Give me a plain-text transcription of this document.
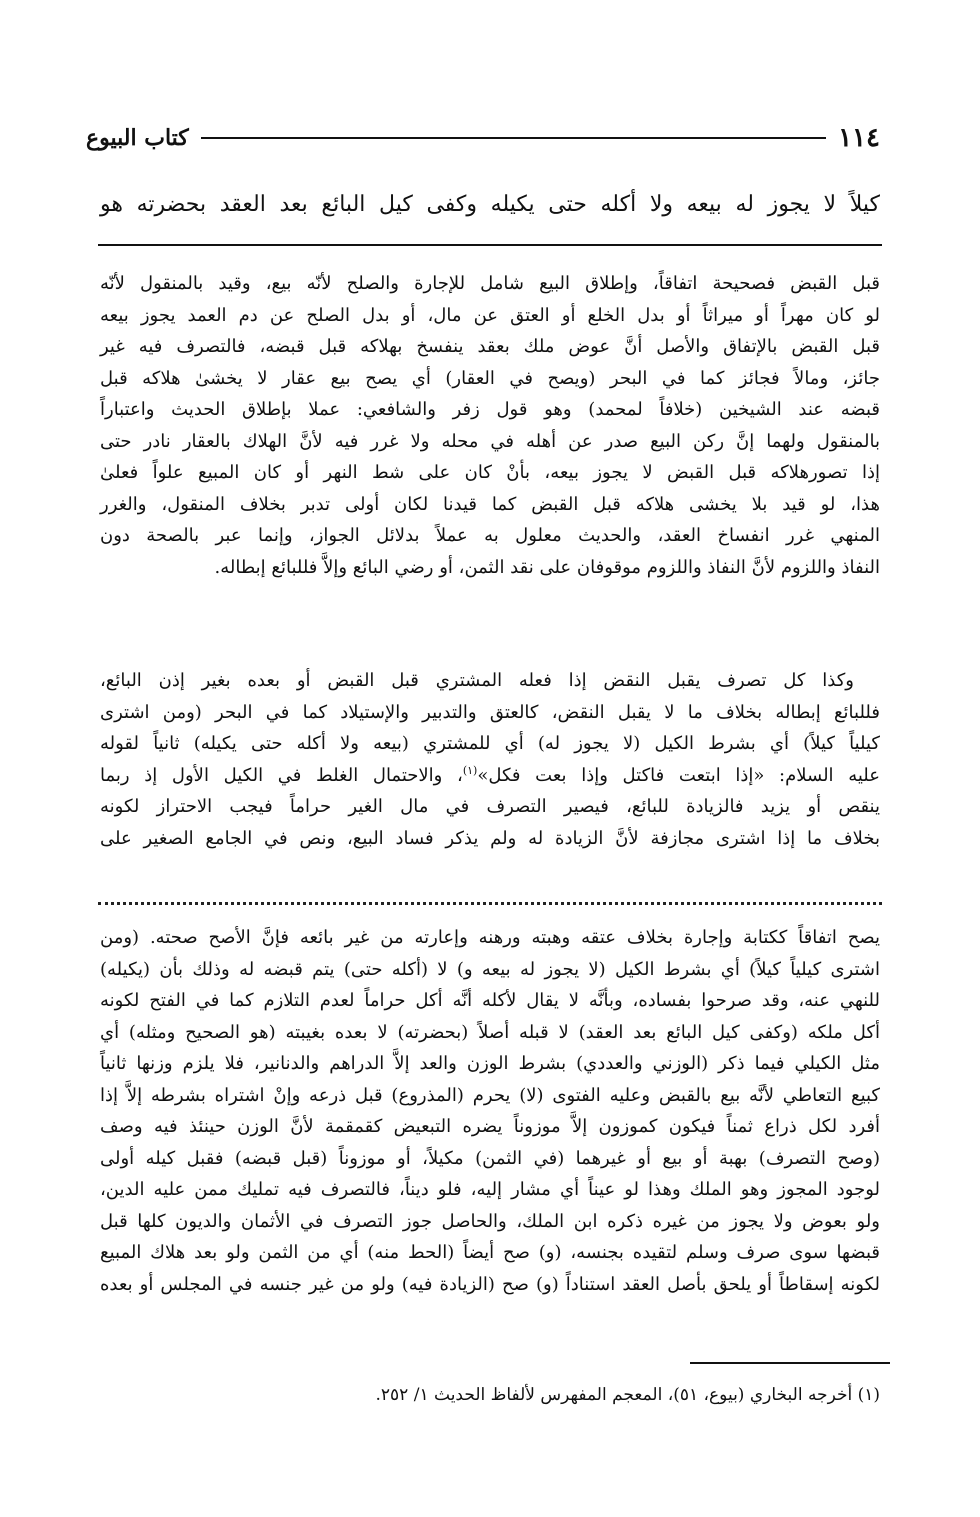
١١٤
كتاب البيوع
كيلاً لا يجوز له بيعه ولا أكله حتى يكيله وكفى كيل البائع بعد العقد بحضرته هو

قبل القبض فصحيحة اتفاقاً، وإطلاق البيع شامل للإجارة والصلح لأنّه بيع، وقيد بالمنقول لأنّه

لو كان مهراً أو ميراثاً أو بدل الخلع أو العتق عن مال، أو بدل الصلح عن دم العمد يجوز بيعه

قبل القبض بالإتفاق والأصل أنَّ عوض ملك بعقد ينفسخ بهلاكه قبل قبضه، فالتصرف فيه غير

جائز، ومالاً فجائز كما في البحر (ويصح في العقار) أي يصح بيع عقار لا يخشىٰ هلاكه قبل

قبضه عند الشيخين (خلافاً لمحمد) وهو قول زفر والشافعي: عملا بإطلاق الحديث واعتباراً

بالمنقول ولهما إنَّ ركن البيع صدر عن أهله في محله ولا غرر فيه لأنَّ الهلاك بالعقار نادر حتى

إذا تصورهلاكه قبل القبض لا يجوز بيعه، بأنْ كان على شط النهر أو كان المبيع علواً فعلىٰ

هذا، لو قيد بلا يخشى هلاكه قبل القبض كما قيدنا لكان أولى تدبر بخلاف المنقول، والغرر

المنهي غرر انفساخ العقد، والحديث معلول به عملاً بدلائل الجواز، وإنما عبر بالصحة دون

النفاذ واللزوم لأنَّ النفاذ واللزوم موقوفان على نقد الثمن، أو رضي البائع وإلاَّ فللبائع إبطاله.

وكذا كل تصرف يقبل النقض إذا فعله المشتري قبل القبض أو بعده بغير إذن البائع،

فللبائع إبطاله بخلاف ما لا يقبل النقض، كالعتق والتدبير والإستيلاد كما في البحر (ومن اشترى

كيلياً كيلاً) أي بشرط الكيل (لا يجوز له) أي للمشتري (بيعه ولا أكله حتى يكيله) ثانياً لقوله

عليه السلام: «إذا ابتعت فاكتل وإذا بعت فكل»$^{(١)}$، والاحتمال الغلط في الكيل الأول إذ ربما

ينقص أو يزيد فالزيادة للبائع، فيصير التصرف في مال الغير حراماً فيجب الاحتراز لكونه

بخلاف ما إذا اشترى مجازفة لأنَّ الزيادة له ولم يذكر فساد البيع، ونص في الجامع الصغير على

يصح اتفاقاً ككتابة وإجارة بخلاف عتقه وهبته ورهنه وإعارته من غير بائعه فإنَّ الأصح صحته. (ومن

اشترى كيلياً كيلاً) أي بشرط الكيل (لا يجوز له بيعه و) لا (أكله حتى) يتم قبضه له وذلك بأن (يكيله)

للنهي عنه، وقد صرحوا بفساده، وبأنَّه لا يقال لأكله أنَّه أكل حراماً لعدم التلازم كما في الفتح لكونه

أكل ملكه (وكفى كيل البائع بعد العقد) لا قبله أصلاً (بحضرته) لا بعده بغيبته (هو الصحيح ومثله) أي

مثل الكيلي فيما ذكر (الوزني والعددي) بشرط الوزن والعد إلاَّ الدراهم والدنانير، فلا يلزم وزنها ثانياً

كبيع التعاطي لأنَّه بيع بالقبض وعليه الفتوى (لا) يحرم (المذروع) قبل ذرعه وإنْ اشتراه بشرطه إلاَّ إذا

أفرد لكل ذراع ثمناً فيكون كموزون إلاَّ موزوناً يضره التبعيض كقمقمة لأنَّ الوزن حينئذ فيه وصف

(وصح التصرف) بهبة أو بيع أو غيرهما (في الثمن) مكيلاً، أو موزوناً (قبل قبضه) فقبل كيله أولى

لوجود المجوز وهو الملك وهذا لو عيناً أي مشار إليه، فلو ديناً، فالتصرف فيه تمليك ممن عليه الدين،

ولو بعوض ولا يجوز من غيره ذكره ابن الملك، والحاصل جوز التصرف في الأثمان والديون كلها قبل

قبضها سوى صرف وسلم لتقيده بجنسه، (و) صح أيضاً (الحط منه) أي من الثمن ولو بعد هلاك المبيع

لكونه إسقاطاً أو يلحق بأصل العقد استناداً (و) صح (الزيادة فيه) ولو من غير جنسه في المجلس أو بعده

(١) أخرجه البخاري (بيوع، ٥١)، المعجم المفهرس لألفاظ الحديث ١/ ٢٥٢.
